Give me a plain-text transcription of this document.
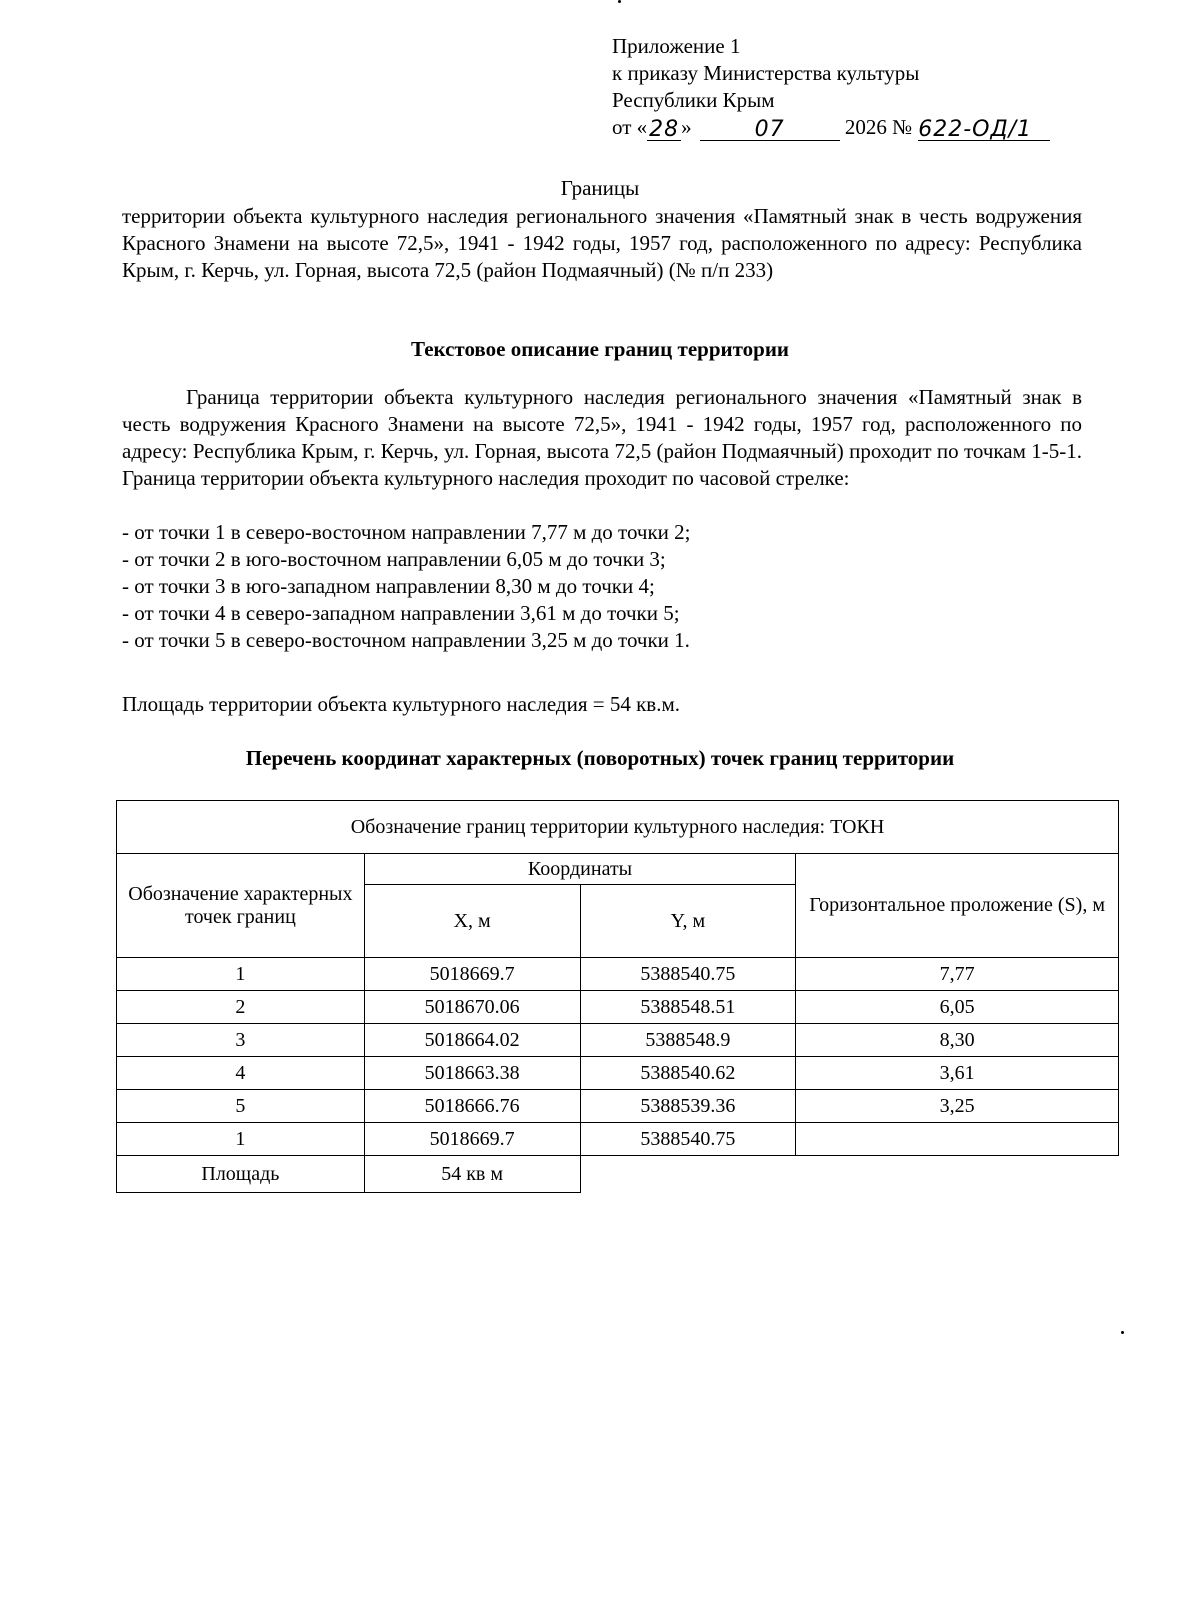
Приложение 1
к приказу Министерства культуры
Республики Крым
от «28»	07	2026 № 622-ОД/1
Границы
территории объекта культурного наследия регионального значения «Памятный знак в честь водружения Красного Знамени на высоте 72,5», 1941 - 1942 годы, 1957 год, расположенного по адресу: Республика Крым, г. Керчь, ул. Горная, высота 72,5 (район Подмаячный) (№ п/п 233)
Текстовое описание границ территории
Граница территории объекта культурного наследия регионального значения «Памятный знак в честь водружения Красного Знамени на высоте 72,5», 1941 - 1942 годы, 1957 год, расположенного по адресу: Республика Крым, г. Керчь, ул. Горная, высота 72,5 (район Подмаячный) проходит по точкам 1-5-1. Граница территории объекта культурного наследия проходит по часовой стрелке:
- от точки 1 в северо-восточном направлении 7,77 м до точки 2;
- от точки 2 в юго-восточном направлении 6,05 м до точки 3;
- от точки 3 в юго-западном направлении 8,30 м до точки 4;
- от точки 4 в северо-западном направлении 3,61 м до точки 5;
- от точки 5 в северо-восточном направлении 3,25 м до точки 1.
Площадь территории объекта культурного наследия = 54 кв.м.
Перечень координат характерных (поворотных) точек границ территории
Обозначение границ территории культурного наследия: ТОКН			
Обозначение характерных точек границ	Координаты		Горизонтальное проложение (S), м
	X, м	Y, м	
1	5018669.7	5388540.75	7,77
2	5018670.06	5388548.51	6,05
3	5018664.02	5388548.9	8,30
4	5018663.38	5388540.62	3,61
5	5018666.76	5388539.36	3,25
1	5018669.7	5388540.75	
Площадь	54 кв м		
